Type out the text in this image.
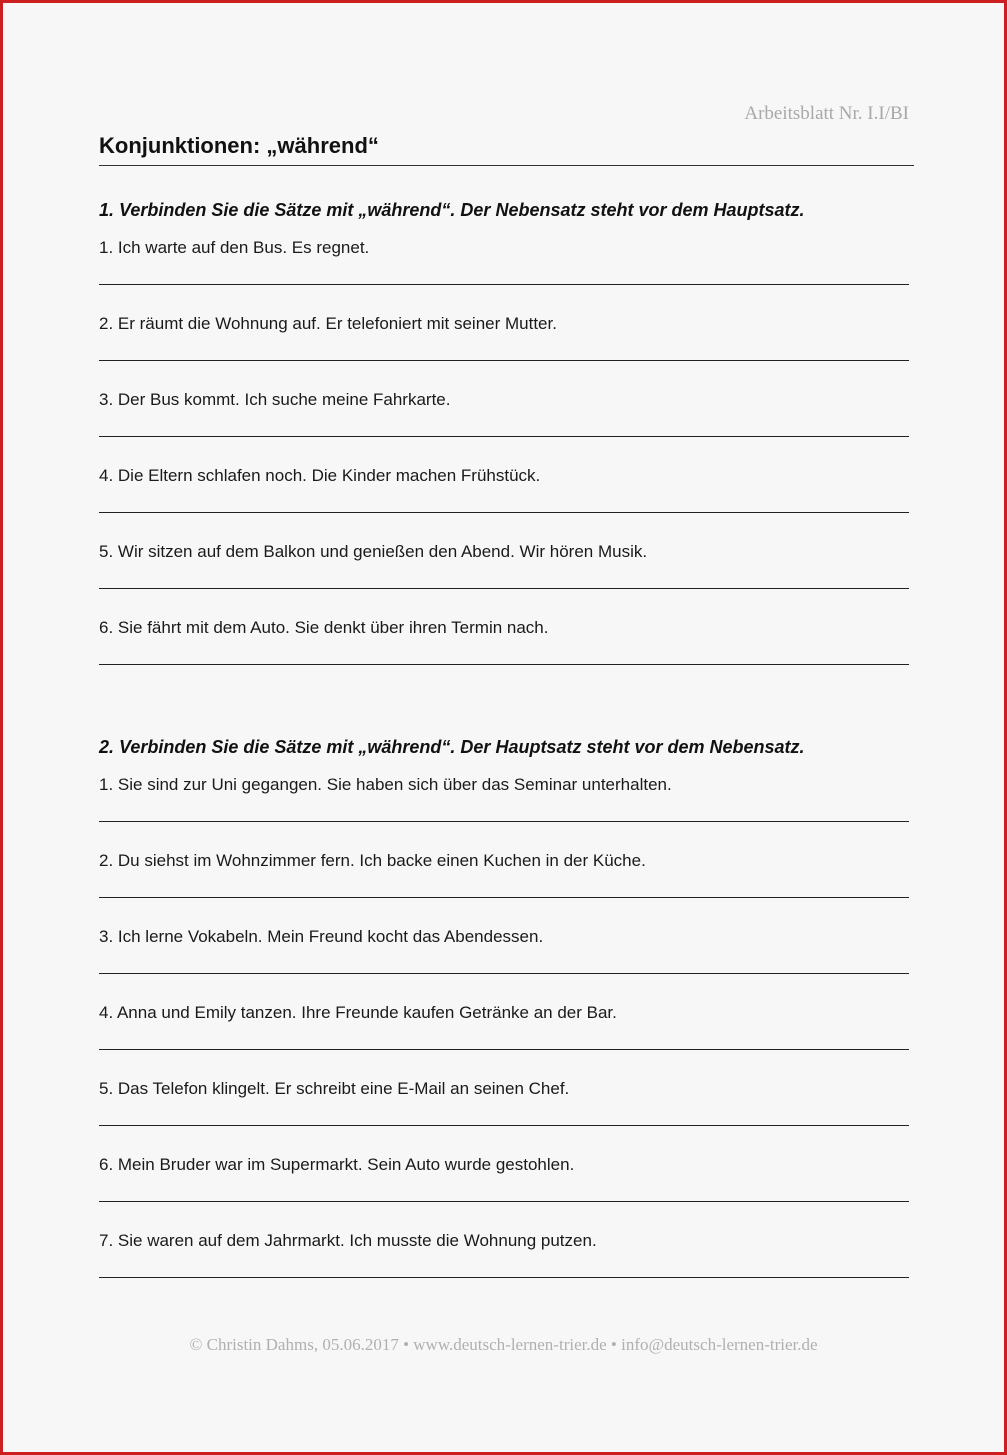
Arbeitsblatt Nr. I.I/BI
Konjunktionen: „während“
1. Verbinden Sie die Sätze mit „während“. Der Nebensatz steht vor dem Hauptsatz.
1. Ich warte auf den Bus. Es regnet.
2. Er räumt die Wohnung auf. Er telefoniert mit seiner Mutter.
3. Der Bus kommt. Ich suche meine Fahrkarte.
4. Die Eltern schlafen noch. Die Kinder machen Frühstück.
5. Wir sitzen auf dem Balkon und genießen den Abend. Wir hören Musik.
6. Sie fährt mit dem Auto. Sie denkt über ihren Termin nach.
2. Verbinden Sie die Sätze mit „während“. Der Hauptsatz steht vor dem Nebensatz.
1. Sie sind zur Uni gegangen. Sie haben sich über das Seminar unterhalten.
2. Du siehst im Wohnzimmer fern. Ich backe einen Kuchen in der Küche.
3. Ich lerne Vokabeln. Mein Freund kocht das Abendessen.
4. Anna und Emily tanzen. Ihre Freunde kaufen Getränke an der Bar.
5. Das Telefon klingelt. Er schreibt eine E-Mail an seinen Chef.
6. Mein Bruder war im Supermarkt. Sein Auto wurde gestohlen.
7. Sie waren auf dem Jahrmarkt. Ich musste die Wohnung putzen.
© Christin Dahms, 05.06.2017 • www.deutsch-lernen-trier.de • info@deutsch-lernen-trier.de
